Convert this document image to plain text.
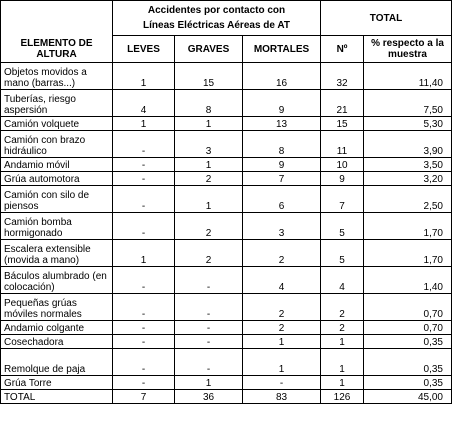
ELEMENTO DE ALTURA	Accidentes por contacto con
Líneas Eléctricas Aéreas de AT			TOTAL	
	LEVES	GRAVES	MORTALES	Nº	% respecto a la muestra
Objetos movidos a mano (barras...)	1	15	16	32	11,40
Tuberías, riesgo aspersión	4	8	9	21	7,50
Camión volquete	1	1	13	15	5,30
Camión con brazo hidráulico	-	3	8	11	3,90
Andamio móvil	-	1	9	10	3,50
Grúa automotora	-	2	7	9	3,20
Camión con silo de piensos	-	1	6	7	2,50
Camión bomba hormigonado	-	2	3	5	1,70
Escalera extensible (movida a mano)	1	2	2	5	1,70
Báculos alumbrado (en colocación)	-	-	4	4	1,40
Pequeñas grúas móviles normales	-	-	2	2	0,70
Andamio colgante	-	-	2	2	0,70
Cosechadora	-	-	1	1	0,35
Remolque de paja	-	-	1	1	0,35
Grúa Torre	-	1	-	1	0,35
TOTAL	7	36	83	126	45,00
